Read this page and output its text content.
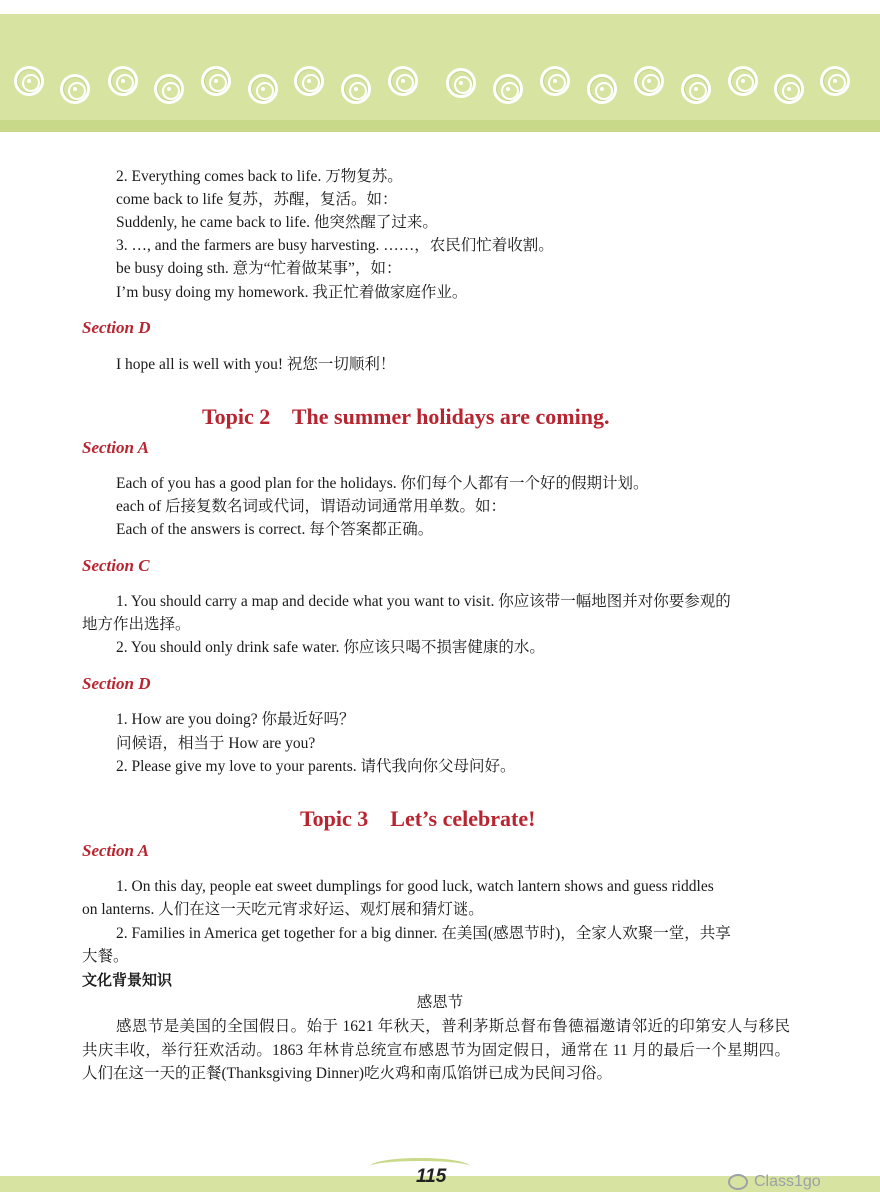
2. Everything comes back to life. 万物复苏。
come back to life 复苏，苏醒，复活。如：
Suddenly, he came back to life. 他突然醒了过来。
3. …, and the farmers are busy harvesting. ……，农民们忙着收割。
be busy doing sth. 意为“忙着做某事”，如：
I’m busy doing my homework. 我正忙着做家庭作业。
Section D
I hope all is well with you! 祝您一切顺利！
Topic 2    The summer holidays are coming.
Section A
Each of you has a good plan for the holidays. 你们每个人都有一个好的假期计划。
each of 后接复数名词或代词，谓语动词通常用单数。如：
Each of the answers is correct. 每个答案都正确。
Section C
1. You should carry a map and decide what you want to visit. 你应该带一幅地图并对你要参观的
地方作出选择。
2. You should only drink safe water. 你应该只喝不损害健康的水。
Section D
1. How are you doing? 你最近好吗？
问候语，相当于 How are you?
2. Please give my love to your parents. 请代我向你父母问好。
Topic 3    Let’s celebrate!
Section A
1. On this day, people eat sweet dumplings for good luck, watch lantern shows and guess riddles
on lanterns. 人们在这一天吃元宵求好运、观灯展和猜灯谜。
2. Families in America get together for a big dinner. 在美国(感恩节时)，全家人欢聚一堂，共享
大餐。
文化背景知识
感恩节
感恩节是美国的全国假日。始于 1621 年秋天，普利茅斯总督布鲁德福邀请邻近的印第安人与移民共庆丰收，举行狂欢活动。1863 年林肯总统宣布感恩节为固定假日，通常在 11 月的最后一个星期四。人们在这一天的正餐(Thanksgiving Dinner)吃火鸡和南瓜馅饼已成为民间习俗。
115	Class1go
